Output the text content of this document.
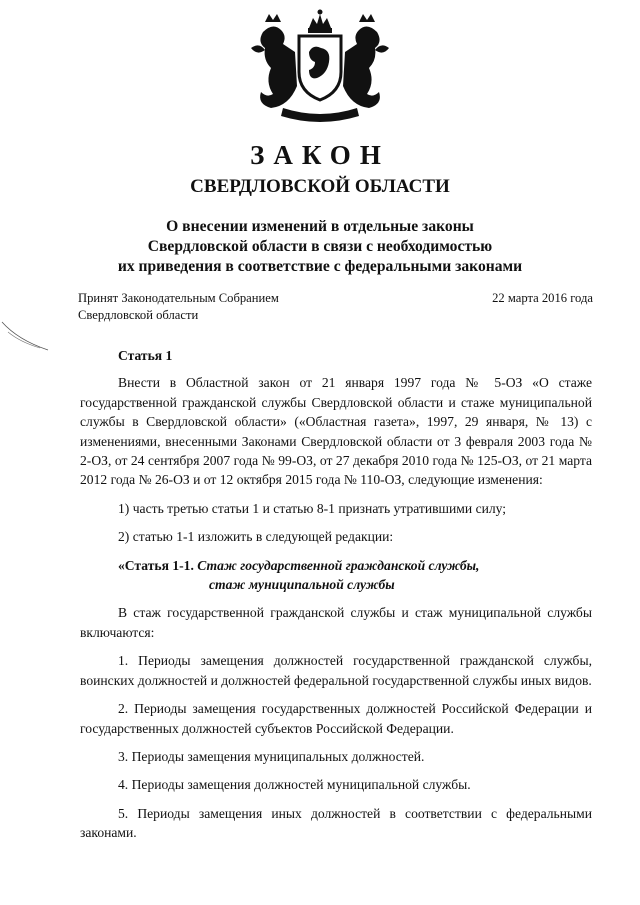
ЗАКОН
СВЕРДЛОВСКОЙ ОБЛАСТИ
О внесении изменений в отдельные законы
Свердловской области в связи с необходимостью
их приведения в соответствие с федеральными законами
Принят Законодательным Собранием
Свердловской области
22 марта 2016 года
Статья 1

Внести в Областной закон от 21 января 1997 года № 5-ОЗ «О стаже государственной гражданской службы Свердловской области и стаже муниципальной службы в Свердловской области» («Областная газета», 1997, 29 января, № 13) с изменениями, внесенными Законами Свердловской области от 3 февраля 2003 года № 2-ОЗ, от 24 сентября 2007 года № 99-ОЗ, от 27 декабря 2010 года № 125-ОЗ, от 21 марта 2012 года № 26-ОЗ и от 12 октября 2015 года № 110-ОЗ, следующие изменения:

1) часть третью статьи 1 и статью 8-1 признать утратившими силу;

2) статью 1-1 изложить в следующей редакции:

«Статья 1-1. Стаж государственной гражданской службы,
стаж муниципальной службы

В стаж государственной гражданской службы и стаж муниципальной службы включаются:

1. Периоды замещения должностей государственной гражданской службы, воинских должностей и должностей федеральной государственной службы иных видов.

2. Периоды замещения государственных должностей Российской Федерации и государственных должностей субъектов Российской Федерации.

3. Периоды замещения муниципальных должностей.

4. Периоды замещения должностей муниципальной службы.

5. Периоды замещения иных должностей в соответствии с федеральными законами.
